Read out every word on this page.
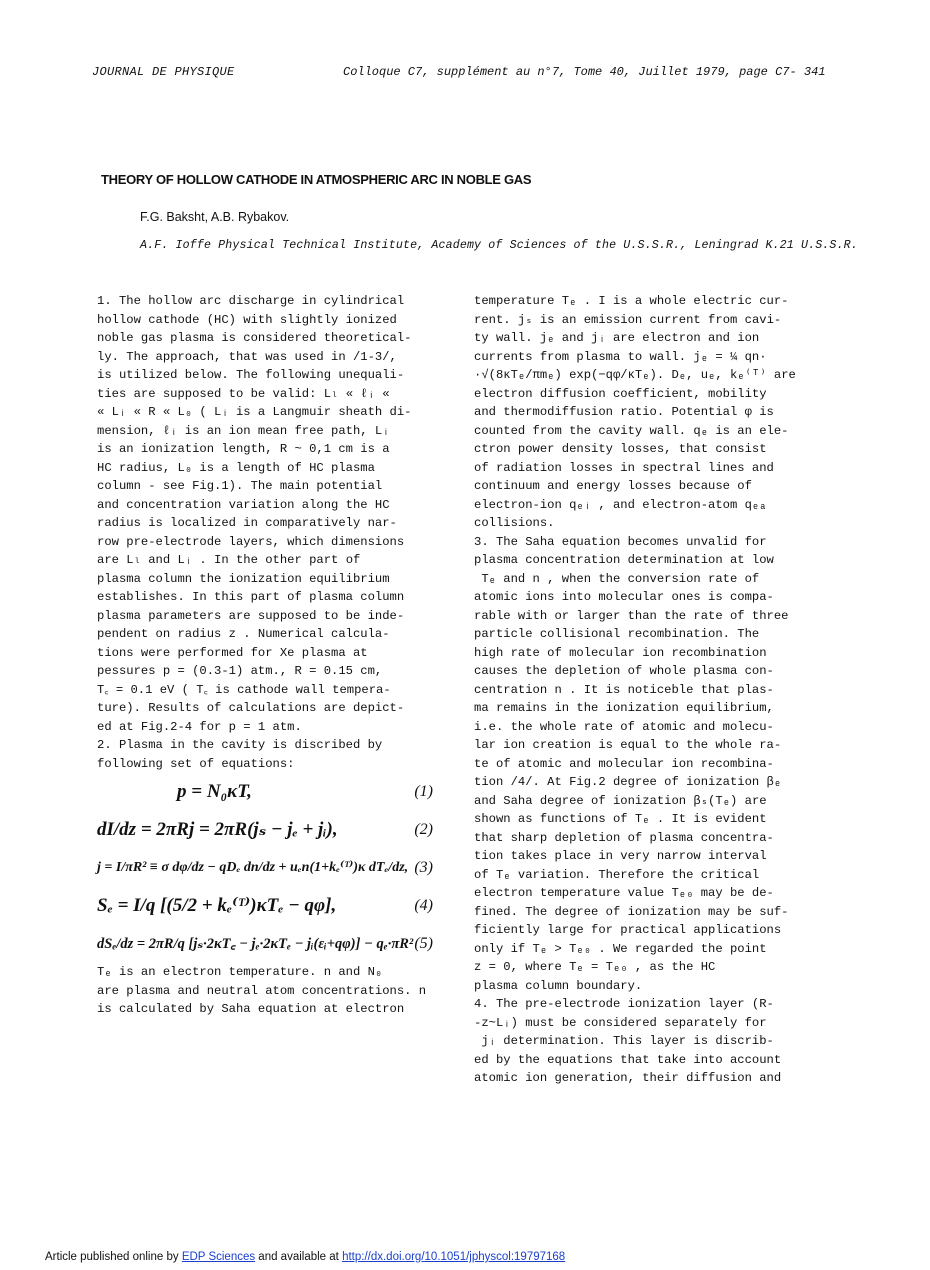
JOURNAL DE PHYSIQUE	Colloque C7, supplément au n°7, Tome 40, Juillet 1979, page C7- 341
THEORY OF HOLLOW CATHODE IN ATMOSPHERIC ARC IN NOBLE GAS
F.G. Baksht, A.B. Rybakov.
A.F. Ioffe Physical Technical Institute, Academy of Sciences of the U.S.S.R., Leningrad K.21 U.S.S.R.
1. The hollow arc discharge in cylindrical
hollow cathode (HC) with slightly ionized
noble gas plasma is considered theoretical-
ly. The approach, that was used in /1-3/,
is utilized below. The following unequali-
ties are supposed to be valid: Lₗ « ℓᵢ «
« Lᵢ « R « L₀ ( Lᵢ is a Langmuir sheath di-
mension, ℓᵢ is an ion mean free path, Lᵢ
is an ionization length, R ~ 0,1 cm is a
HC radius, L₀ is a length of HC plasma
column - see Fig.1). The main potential
and concentration variation along the HC
radius is localized in comparatively nar-
row pre-electrode layers, which dimensions
are Lₗ and Lᵢ . In the other part of
plasma column the ionization equilibrium
establishes. In this part of plasma column
plasma parameters are supposed to be inde-
pendent on radius z . Numerical calcula-
tions were performed for Xe plasma at
pessures p = (0.3-1) atm., R = 0.15 cm,
T꜀ = 0.1 eV ( T꜀ is cathode wall tempera-
ture). Results of calculations are depict-
ed at Fig.2-4 for p = 1 atm.
2. Plasma in the cavity is discribed by
following set of equations:
p = N₀κT,	(1)
dI/dz = 2πRj = 2πR(jₛ − jₑ + jᵢ),	(2)
j = I/πR² ≡ σ dφ/dz − qDₑ dn/dz + uₑn(1+kₑ⁽ᵀ⁾)κ dTₑ/dz, (3)
Sₑ = I/q [(5/2 + kₑ⁽ᵀ⁾)κTₑ − qφ],	(4)
dSₑ/dz = 2πR/q [jₛ·2κT꜀ − jₑ·2κTₑ − jᵢ(εᵢ+qφ)] − qₑ·πR² (5)
Tₑ is an electron temperature. n and N₀
are plasma and neutral atom concentrations. n
is calculated by Saha equation at electron
temperature Tₑ . I is a whole electric cur-
rent. jₛ is an emission current from cavi-
ty wall. jₑ and jᵢ are electron and ion
currents from plasma to wall. jₑ = ¼ qn·
·√(8κTₑ/πmₑ) exp(−qφ/κTₑ). Dₑ, uₑ, kₑ⁽ᵀ⁾ are
electron diffusion coefficient, mobility
and thermodiffusion ratio. Potential φ is
counted from the cavity wall. qₑ is an ele-
ctron power density losses, that consist
of radiation losses in spectral lines and
continuum and energy losses because of
electron-ion qₑᵢ , and electron-atom qₑₐ
collisions.
3. The Saha equation becomes unvalid for
plasma concentration determination at low
Tₑ and n , when the conversion rate of
atomic ions into molecular ones is compa-
rable with or larger than the rate of three
particle collisional recombination. The
high rate of molecular ion recombination
causes the depletion of whole plasma con-
centration n . It is noticeble that plas-
ma remains in the ionization equilibrium,
i.e. the whole rate of atomic and molecu-
lar ion creation is equal to the whole ra-
te of atomic and molecular ion recombina-
tion /4/. At Fig.2 degree of ionization βₑ
and Saha degree of ionization βₛ(Tₑ) are
shown as functions of Tₑ . It is evident
that sharp depletion of plasma concentra-
tion takes place in very narrow interval
of Tₑ variation. Therefore the critical
electron temperature value Tₑ₀ may be de-
fined. The degree of ionization may be suf-
ficiently large for practical applications
only if Tₑ > Tₑ₀ . We regarded the point
z = 0, where Tₑ = Tₑ₀ , as the HC
plasma column boundary.
4. The pre-electrode ionization layer (R-
-z~Lᵢ) must be considered separately for
jᵢ determination. This layer is discrib-
ed by the equations that take into account
atomic ion generation, their diffusion and
Article published online by EDP Sciences and available at http://dx.doi.org/10.1051/jphyscol:19797168
